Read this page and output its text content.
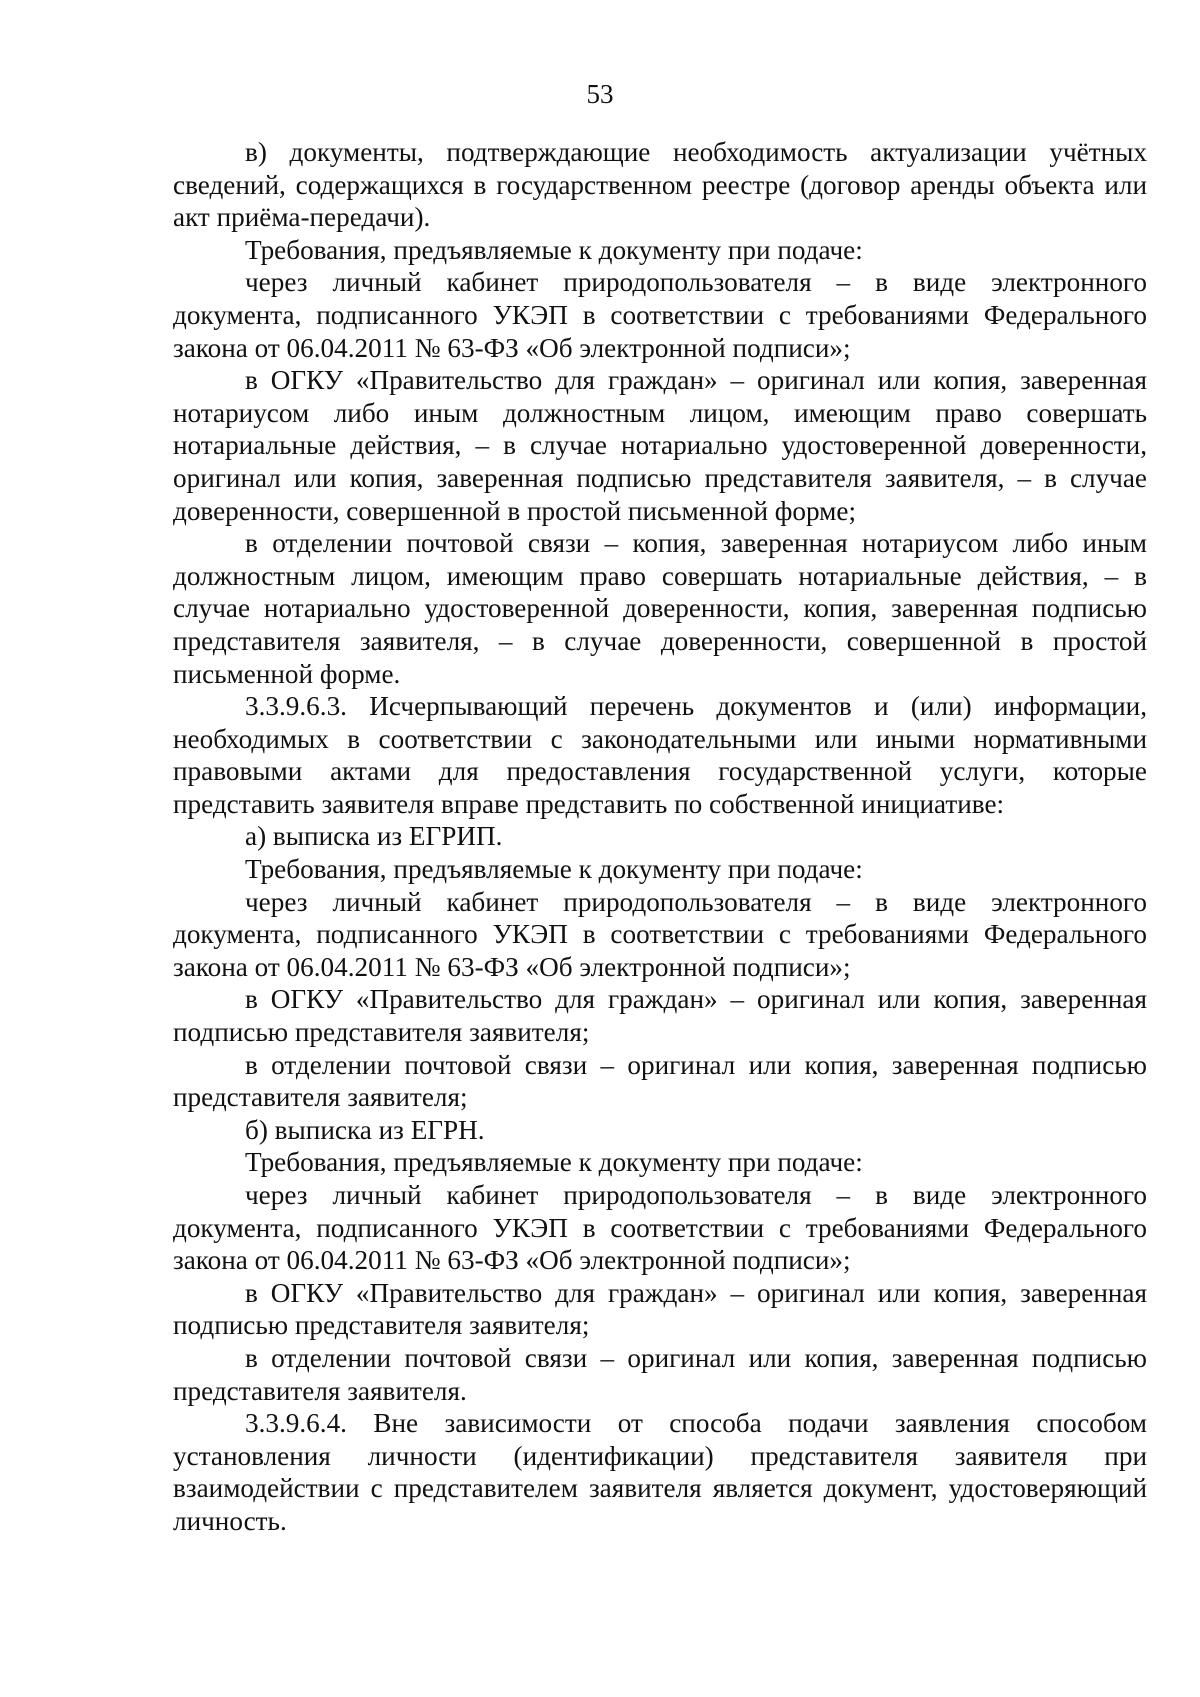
53

в) документы, подтверждающие необходимость актуализации учётных сведений, содержащихся в государственном реестре (договор аренды объекта или акт приёма-передачи).

Требования, предъявляемые к документу при подаче:

через личный кабинет природопользователя – в виде электронного документа, подписанного УКЭП в соответствии с требованиями Федерального закона от 06.04.2011 № 63-ФЗ «Об электронной подписи»;

в ОГКУ «Правительство для граждан» – оригинал или копия, заверенная нотариусом либо иным должностным лицом, имеющим право совершать нотариальные действия, – в случае нотариально удостоверенной доверенности, оригинал или копия, заверенная подписью представителя заявителя, – в случае доверенности, совершенной в простой письменной форме;

в отделении почтовой связи – копия, заверенная нотариусом либо иным должностным лицом, имеющим право совершать нотариальные действия, – в случае нотариально удостоверенной доверенности, копия, заверенная подписью представителя заявителя, – в случае доверенности, совершенной в простой письменной форме.

3.3.9.6.3. Исчерпывающий перечень документов и (или) информации, необходимых в соответствии с законодательными или иными нормативными правовыми актами для предоставления государственной услуги, которые представить заявителя вправе представить по собственной инициативе:

а) выписка из ЕГРИП.

Требования, предъявляемые к документу при подаче:

через личный кабинет природопользователя – в виде электронного документа, подписанного УКЭП в соответствии с требованиями Федерального закона от 06.04.2011 № 63-ФЗ «Об электронной подписи»;

в ОГКУ «Правительство для граждан» – оригинал или копия, заверенная подписью представителя заявителя;

в отделении почтовой связи – оригинал или копия, заверенная подписью представителя заявителя;

б) выписка из ЕГРН.

Требования, предъявляемые к документу при подаче:

через личный кабинет природопользователя – в виде электронного документа, подписанного УКЭП в соответствии с требованиями Федерального закона от 06.04.2011 № 63-ФЗ «Об электронной подписи»;

в ОГКУ «Правительство для граждан» – оригинал или копия, заверенная подписью представителя заявителя;

в отделении почтовой связи – оригинал или копия, заверенная подписью представителя заявителя.

3.3.9.6.4. Вне зависимости от способа подачи заявления способом установления личности (идентификации) представителя заявителя при взаимодействии с представителем заявителя является документ, удостоверяющий личность.
